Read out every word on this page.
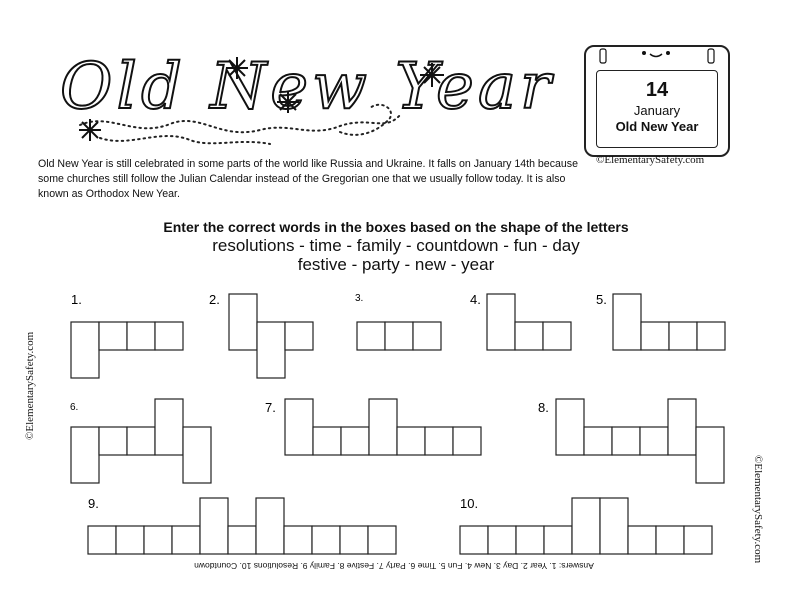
Old New Year	14
January
Old New Year
©ElementarySafety.com
Old New Year is still celebrated in some parts of the world like Russia and Ukraine. It falls on January 14th because some churches still follow the Julian Calendar instead of the Gregorian one that we usually follow today. It is also known as Orthodox New Year.
Enter the correct words in the boxes based on the shape of the letters
resolutions - time - family - countdown - fun - day
festive - party - new - year
©ElementarySafety.com
©ElementarySafety.com
1.	2.	3.	4.	5.
6.	7.	8.
9.	10.
Answers: 1. Year 2. Day 3. New 4. Fun 5. Time 6. Party 7. Festive 8. Family 9. Resolutions 10. Countdown
